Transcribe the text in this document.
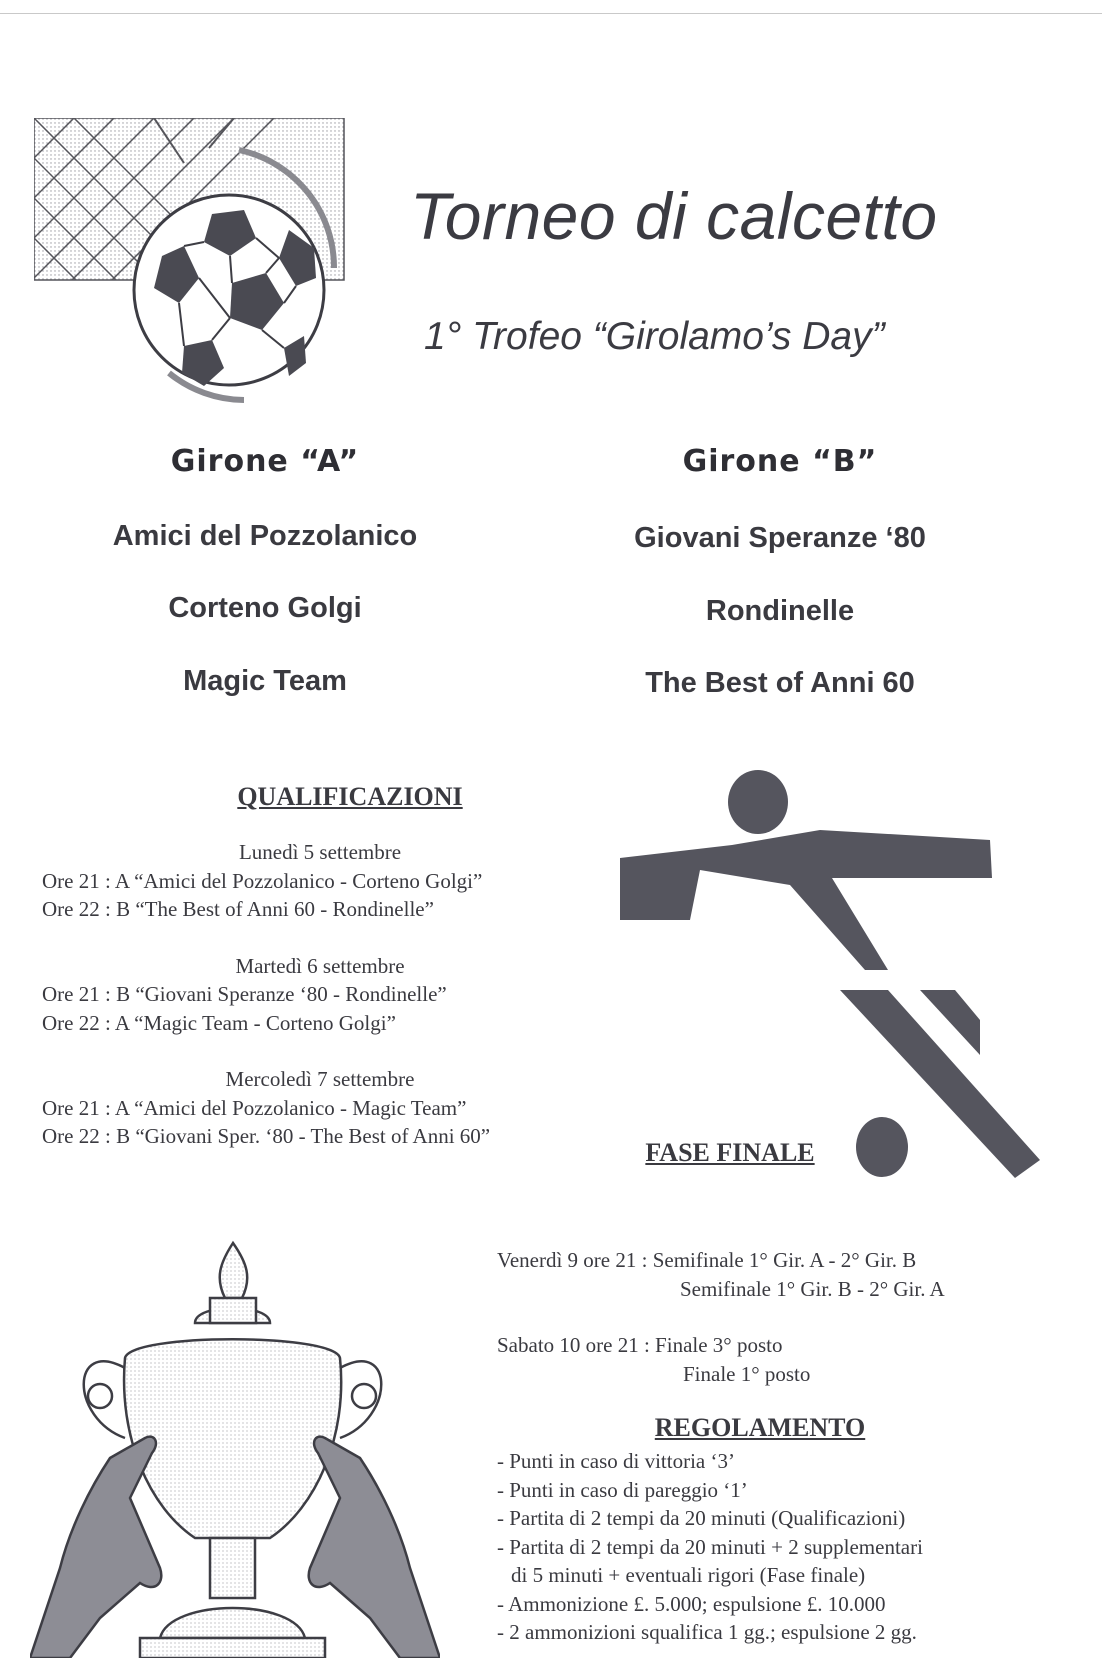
Torneo di calcetto
1° Trofeo “Girolamo’s Day”
Girone “A”
Amici del Pozzolanico
Corteno Golgi
Magic Team
Girone “B”
Giovani Speranze ‘80
Rondinelle
The Best of Anni 60
QUALIFICAZIONI
Lunedì 5 settembre
Ore 21 : A “Amici del Pozzolanico - Corteno Golgi”
Ore 22 : B “The Best of Anni 60 - Rondinelle”
Martedì 6 settembre
Ore 21 : B “Giovani Speranze ‘80 - Rondinelle”
Ore 22 : A “Magic Team - Corteno Golgi”
Mercoledì 7 settembre
Ore 21 : A “Amici del Pozzolanico - Magic Team”
Ore 22 : B “Giovani Sper. ‘80 - The Best of Anni 60”
FASE FINALE
Venerdì 9 ore 21 : Semifinale 1° Gir. A - 2° Gir. B
Semifinale 1° Gir. B - 2° Gir. A
Sabato 10 ore 21 : Finale 3° posto
Finale 1° posto
REGOLAMENTO
- Punti in caso di vittoria ‘3’
- Punti in caso di pareggio ‘1’
- Partita di 2 tempi da 20 minuti (Qualificazioni)
- Partita di 2 tempi da 20 minuti + 2 supplementari
di 5 minuti + eventuali rigori (Fase finale)
- Ammonizione £. 5.000; espulsione £. 10.000
- 2 ammonizioni squalifica 1 gg.; espulsione 2 gg.
